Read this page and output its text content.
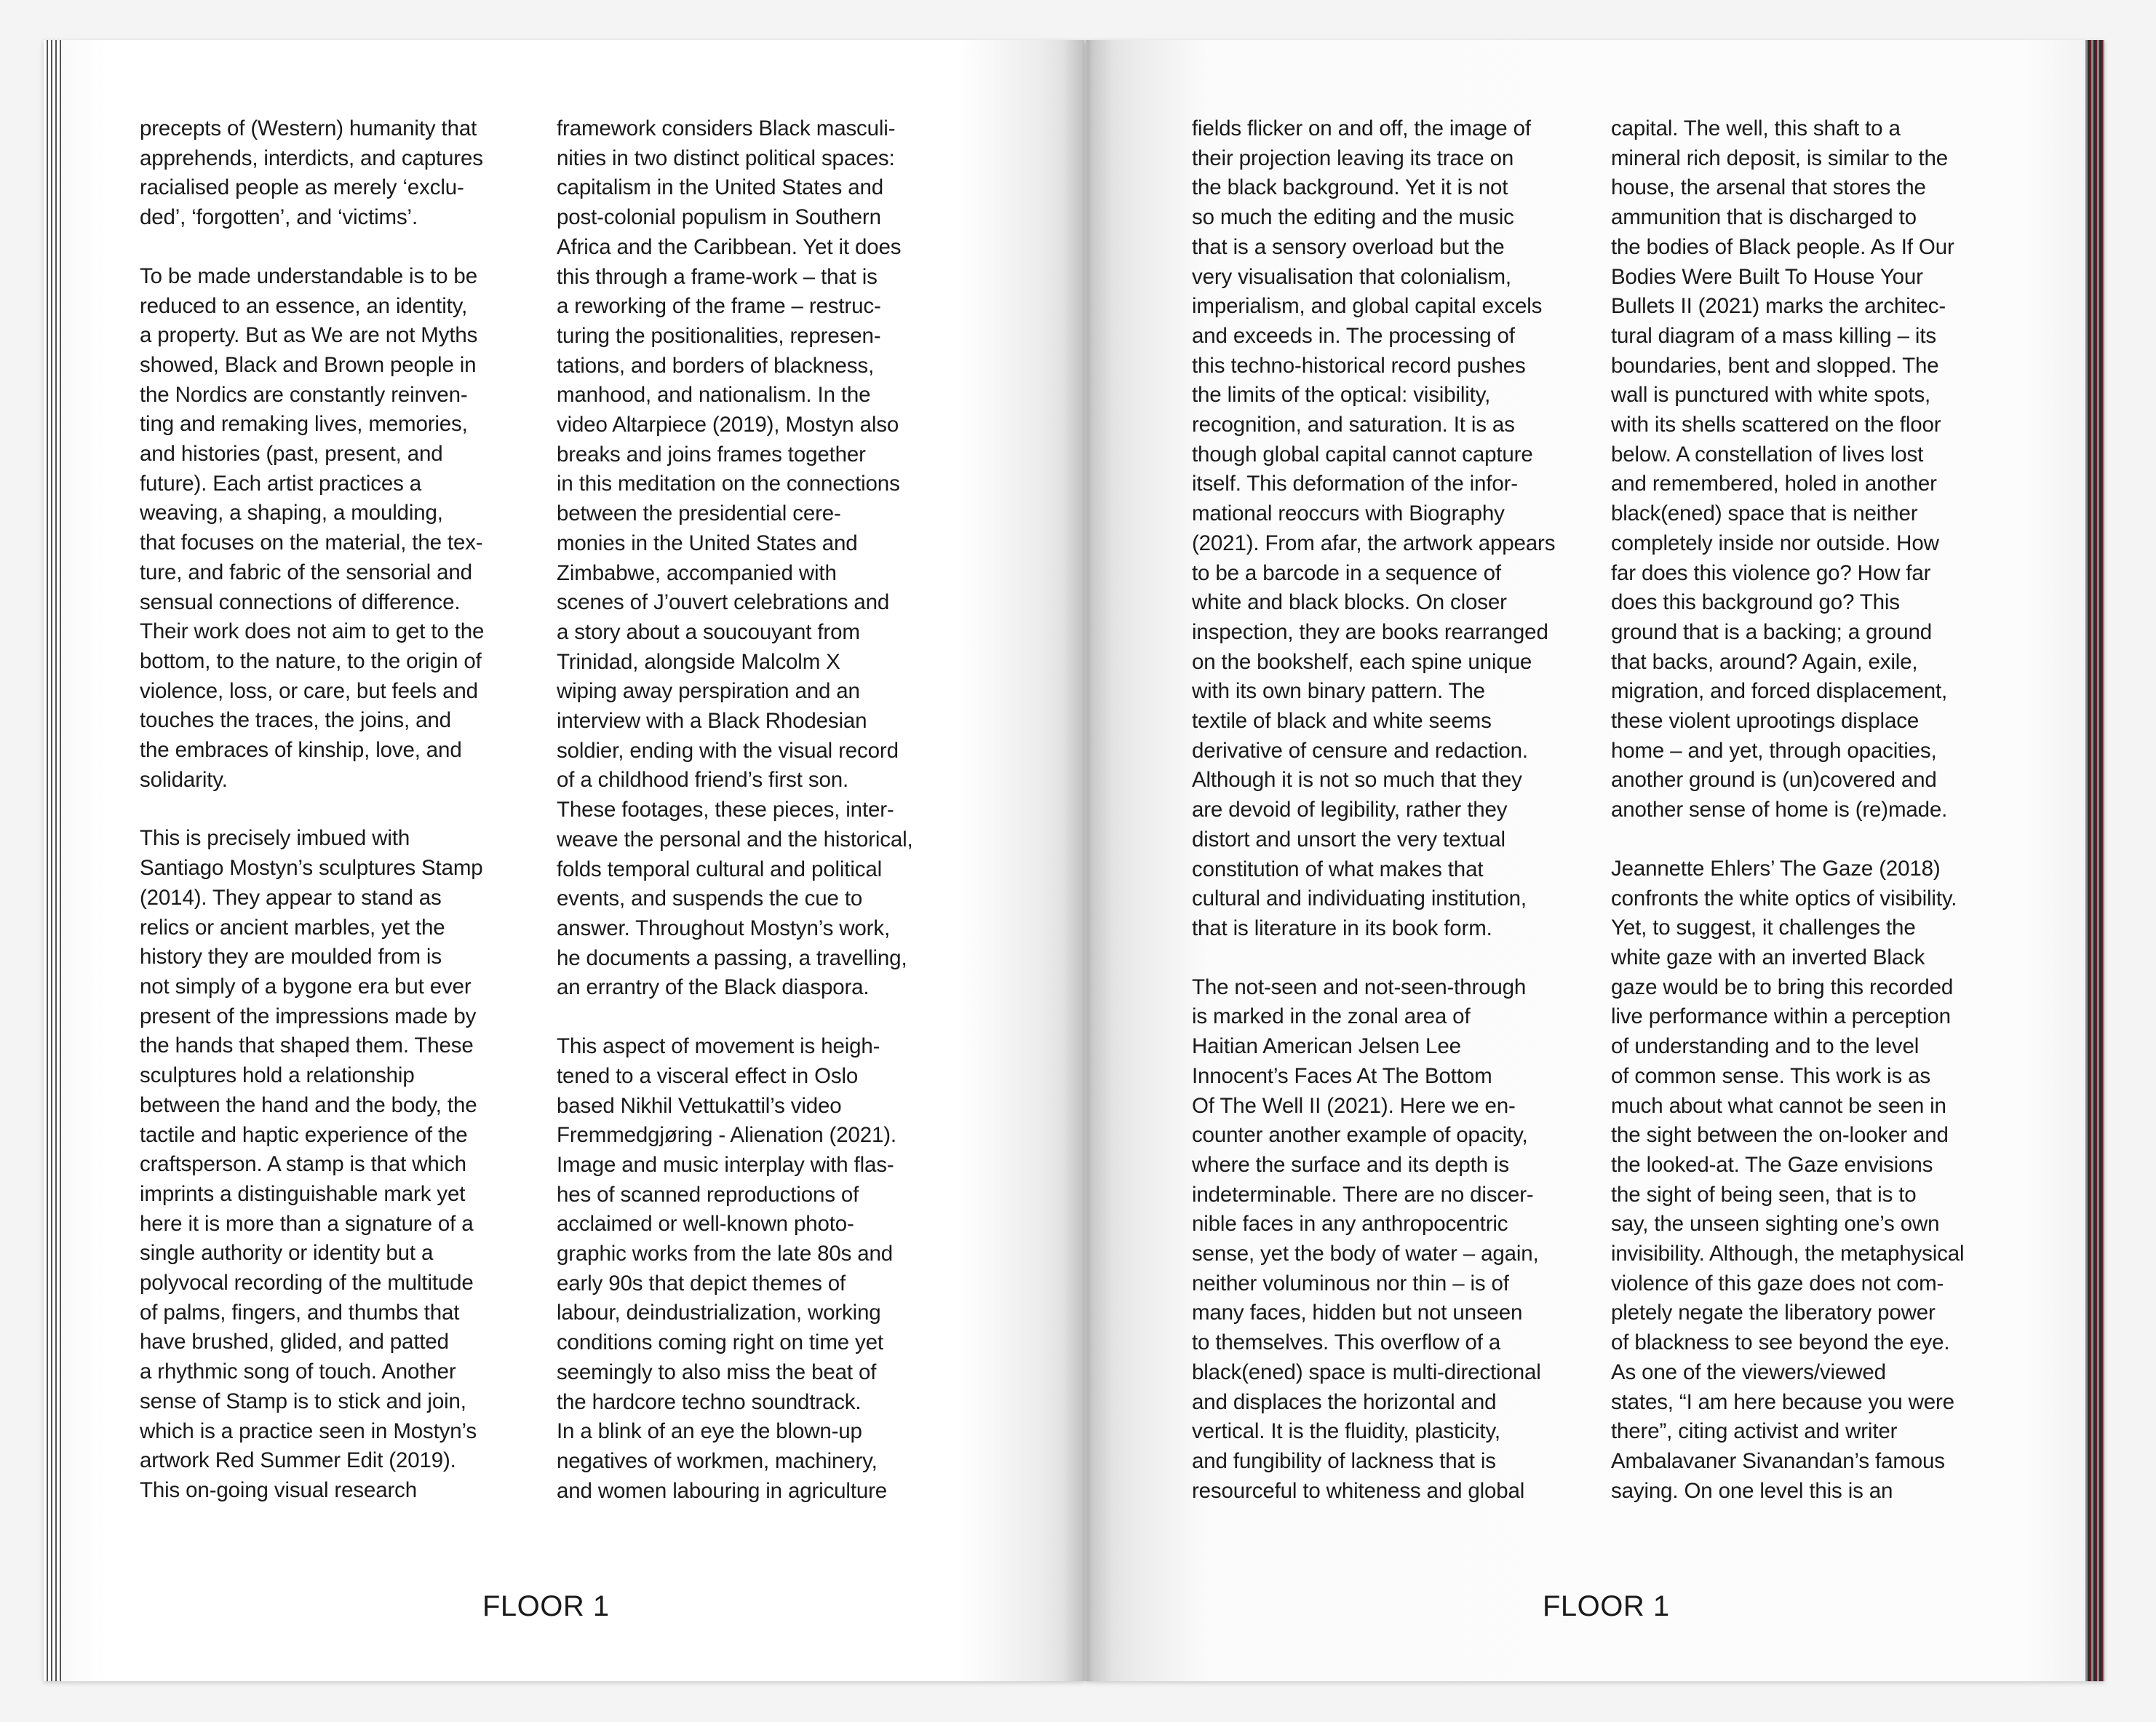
precepts of (Western) humanity that
apprehends, interdicts, and captures
racialised people as merely ‘exclu-
ded’, ‘forgotten’, and ‘victims’.

To be made understandable is to be
reduced to an essence, an identity,
a property. But as We are not Myths
showed, Black and Brown people in
the Nordics are constantly reinven-
ting and remaking lives, memories,
and histories (past, present, and
future). Each artist practices a
weaving, a shaping, a moulding,
that focuses on the material, the tex-
ture, and fabric of the sensorial and
sensual connections of difference.
Their work does not aim to get to the
bottom, to the nature, to the origin of
violence, loss, or care, but feels and
touches the traces, the joins, and
the embraces of kinship, love, and
solidarity.

This is precisely imbued with
Santiago Mostyn’s sculptures Stamp
(2014). They appear to stand as
relics or ancient marbles, yet the
history they are moulded from is
not simply of a bygone era but ever
present of the impressions made by
the hands that shaped them. These
sculptures hold a relationship
between the hand and the body, the
tactile and haptic experience of the
craftsperson. A stamp is that which
imprints a distinguishable mark yet
here it is more than a signature of a
single authority or identity but a
polyvocal recording of the multitude
of palms, fingers, and thumbs that
have brushed, glided, and patted
a rhythmic song of touch. Another
sense of Stamp is to stick and join,
which is a practice seen in Mostyn’s
artwork Red Summer Edit (2019).
This on-going visual research

framework considers Black masculi-
nities in two distinct political spaces:
capitalism in the United States and
post-colonial populism in Southern
Africa and the Caribbean. Yet it does
this through a frame-work – that is
a reworking of the frame – restruc-
turing the positionalities, represen-
tations, and borders of blackness,
manhood, and nationalism. In the
video Altarpiece (2019), Mostyn also
breaks and joins frames together
in this meditation on the connections
between the presidential cere-
monies in the United States and
Zimbabwe, accompanied with
scenes of J’ouvert celebrations and
a story about a soucouyant from
Trinidad, alongside Malcolm X
wiping away perspiration and an
interview with a Black Rhodesian
soldier, ending with the visual record
of a childhood friend’s first son.
These footages, these pieces, inter-
weave the personal and the historical,
folds temporal cultural and political
events, and suspends the cue to
answer. Throughout Mostyn’s work,
he documents a passing, a travelling,
an errantry of the Black diaspora.

This aspect of movement is heigh-
tened to a visceral effect in Oslo
based Nikhil Vettukattil’s video
Fremmedgjøring - Alienation (2021).
Image and music interplay with flas-
hes of scanned reproductions of
acclaimed or well-known photo-
graphic works from the late 80s and
early 90s that depict themes of
labour, deindustrialization, working
conditions coming right on time yet
seemingly to also miss the beat of
the hardcore techno soundtrack.
In a blink of an eye the blown-up
negatives of workmen, machinery,
and women labouring in agriculture

FLOOR 1

fields flicker on and off, the image of
their projection leaving its trace on
the black background. Yet it is not
so much the editing and the music
that is a sensory overload but the
very visualisation that colonialism,
imperialism, and global capital excels
and exceeds in. The processing of
this techno-historical record pushes
the limits of the optical: visibility,
recognition, and saturation. It is as
though global capital cannot capture
itself. This deformation of the infor-
mational reoccurs with Biography
(2021). From afar, the artwork appears
to be a barcode in a sequence of
white and black blocks. On closer
inspection, they are books rearranged
on the bookshelf, each spine unique
with its own binary pattern. The
textile of black and white seems
derivative of censure and redaction.
Although it is not so much that they
are devoid of legibility, rather they
distort and unsort the very textual
constitution of what makes that
cultural and individuating institution,
that is literature in its book form.

The not-seen and not-seen-through
is marked in the zonal area of
Haitian American Jelsen Lee
Innocent’s Faces At The Bottom
Of The Well II (2021). Here we en-
counter another example of opacity,
where the surface and its depth is
indeterminable. There are no discer-
nible faces in any anthropocentric
sense, yet the body of water – again,
neither voluminous nor thin – is of
many faces, hidden but not unseen
to themselves. This overflow of a
black(ened) space is multi-directional
and displaces the horizontal and
vertical. It is the fluidity, plasticity,
and fungibility of lackness that is
resourceful to whiteness and global

capital. The well, this shaft to a
mineral rich deposit, is similar to the
house, the arsenal that stores the
ammunition that is discharged to
the bodies of Black people. As If Our
Bodies Were Built To House Your
Bullets II (2021) marks the architec-
tural diagram of a mass killing – its
boundaries, bent and slopped. The
wall is punctured with white spots,
with its shells scattered on the floor
below. A constellation of lives lost
and remembered, holed in another
black(ened) space that is neither
completely inside nor outside. How
far does this violence go? How far
does this background go? This
ground that is a backing; a ground
that backs, around? Again, exile,
migration, and forced displacement,
these violent uprootings displace
home – and yet, through opacities,
another ground is (un)covered and
another sense of home is (re)made.

Jeannette Ehlers’ The Gaze (2018)
confronts the white optics of visibility.
Yet, to suggest, it challenges the
white gaze with an inverted Black
gaze would be to bring this recorded
live performance within a perception
of understanding and to the level
of common sense. This work is as
much about what cannot be seen in
the sight between the on-looker and
the looked-at. The Gaze envisions
the sight of being seen, that is to
say, the unseen sighting one’s own
invisibility. Although, the metaphysical
violence of this gaze does not com-
pletely negate the liberatory power
of blackness to see beyond the eye.
As one of the viewers/viewed
states, “I am here because you were
there”, citing activist and writer
Ambalavaner Sivanandan’s famous
saying. On one level this is an

FLOOR 1
